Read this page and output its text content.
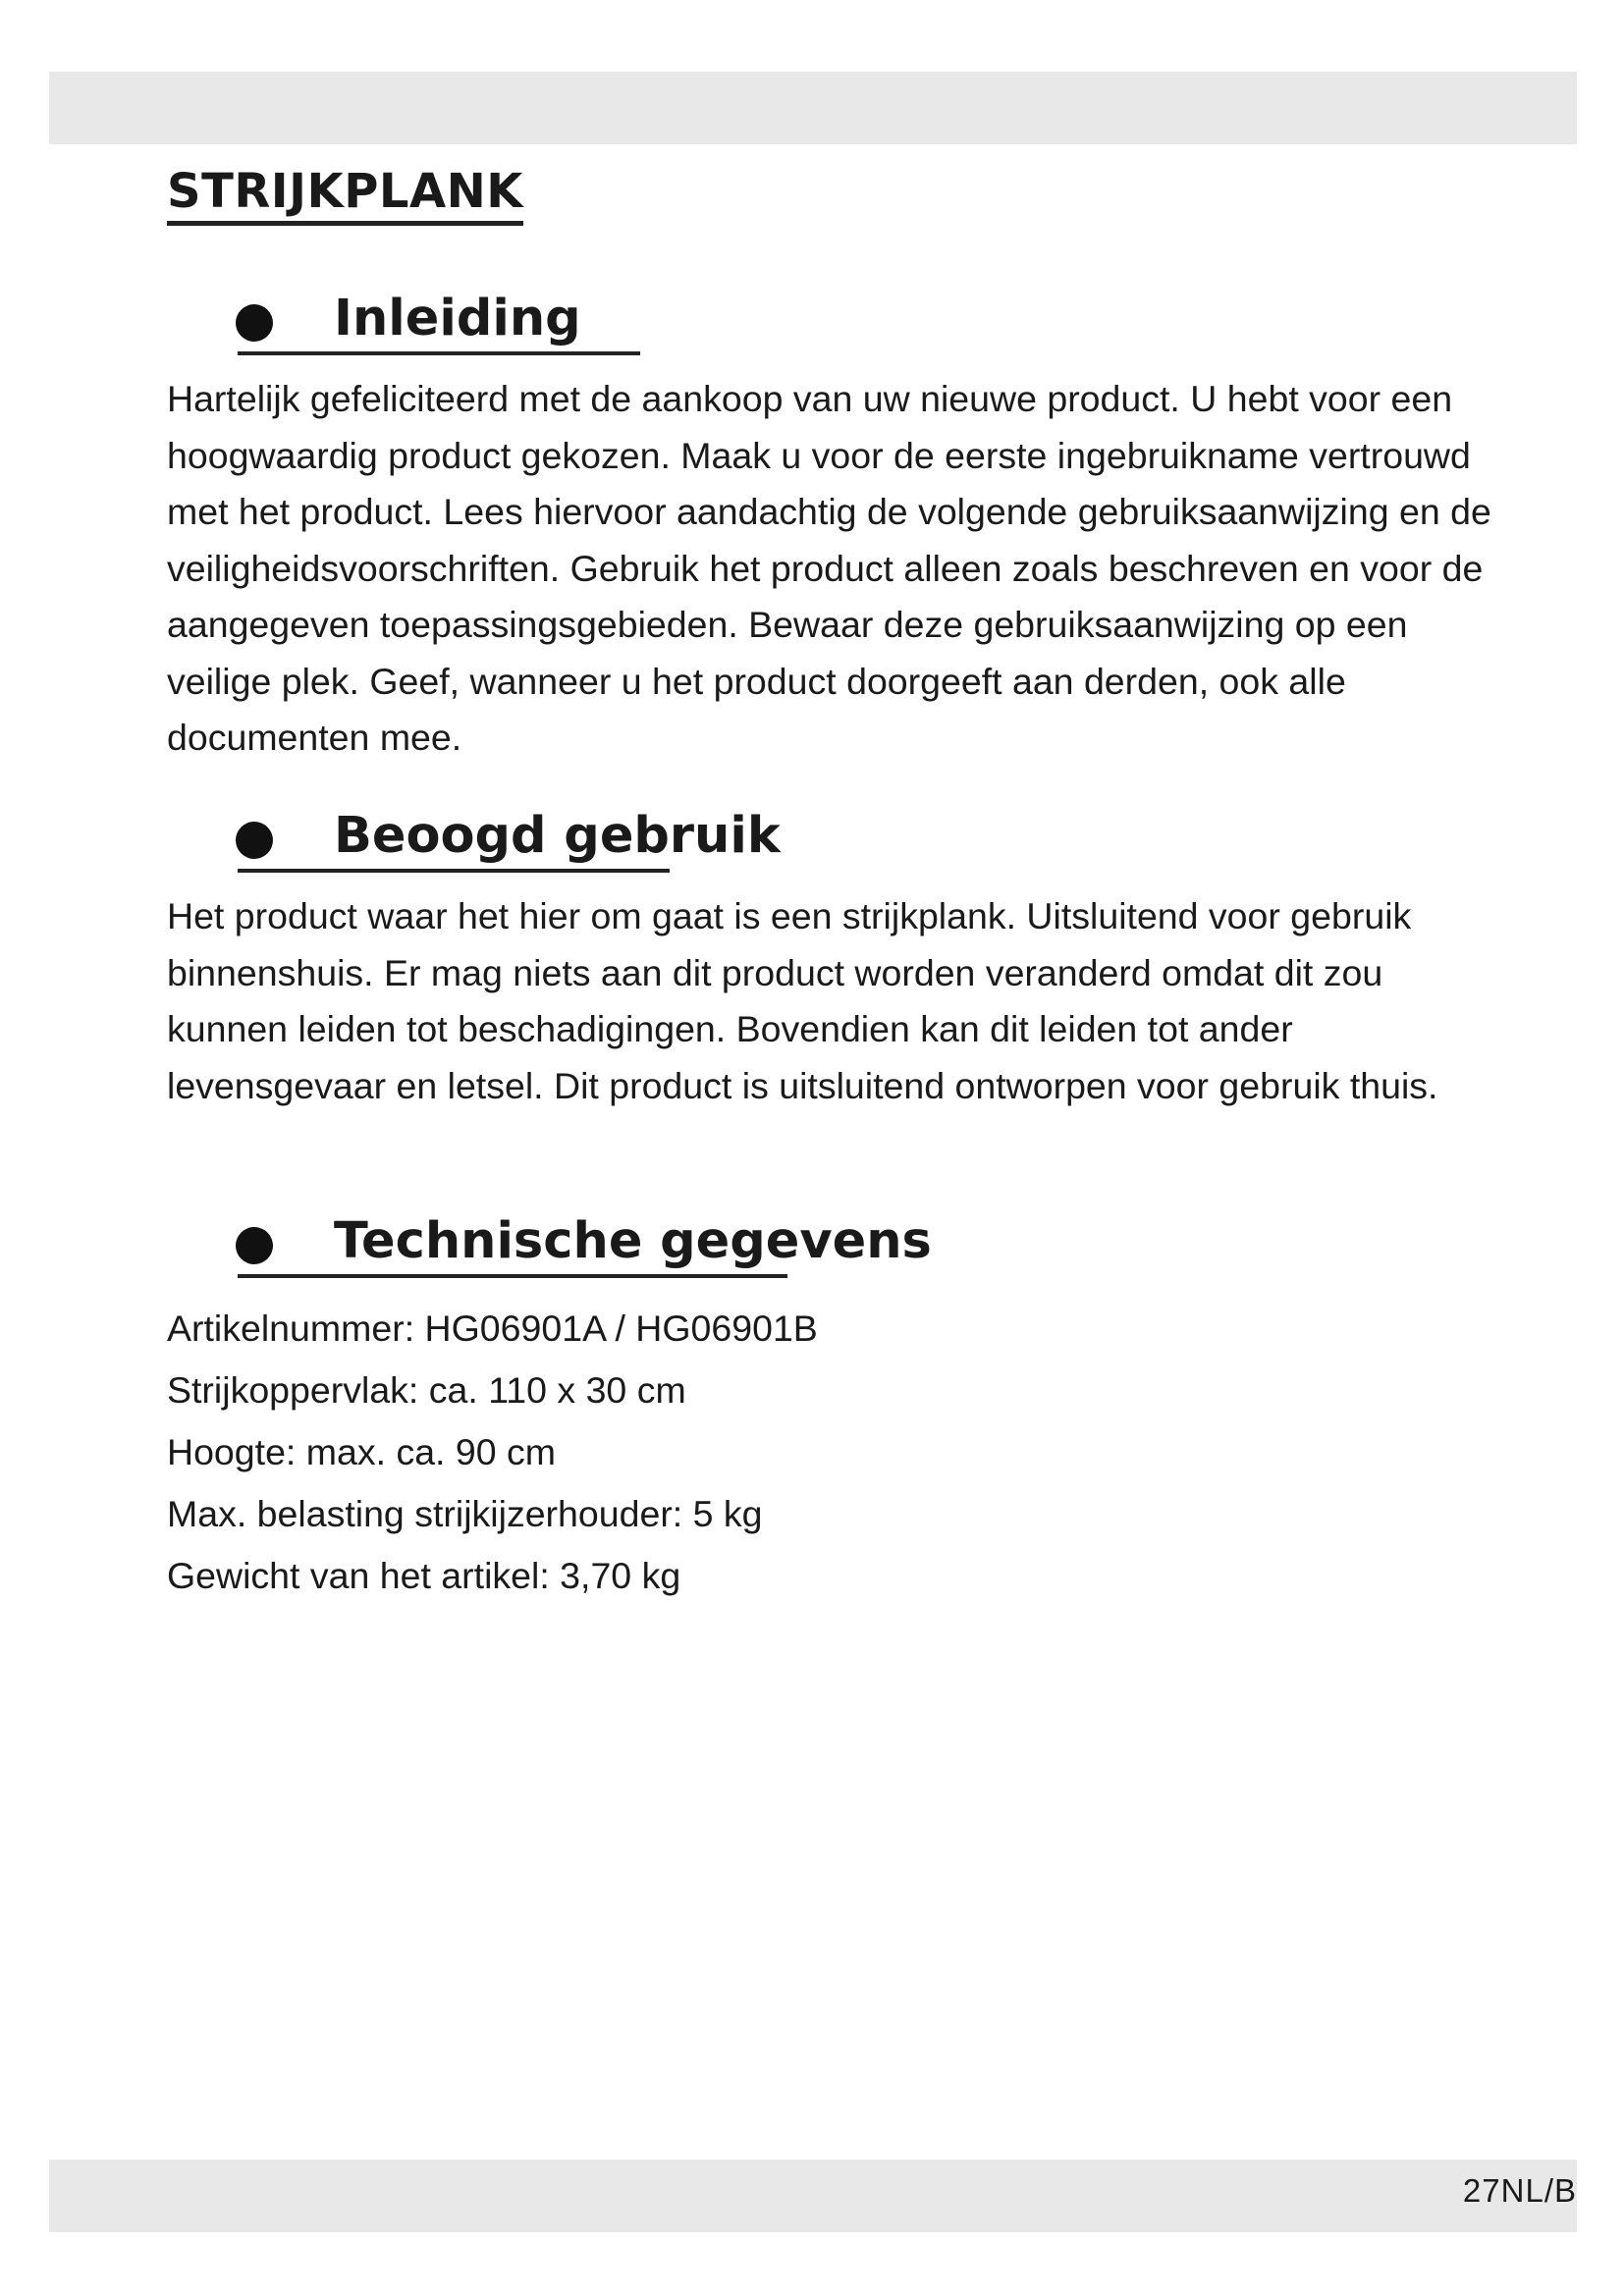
STRIJKPLANK
Inleiding

Hartelijk gefeliciteerd met de aankoop van uw nieuwe product. U hebt voor een hoogwaardig product gekozen. Maak u voor de eerste ingebruikname vertrouwd met het product. Lees hiervoor aandachtig de volgende gebruiksaanwijzing en de veiligheidsvoorschriften. Gebruik het product alleen zoals beschreven en voor de aangegeven toepassingsgebieden. Bewaar deze gebruiksaanwijzing op een veilige plek. Geef, wanneer u het product doorgeeft aan derden, ook alle documenten mee.

Beoogd gebruik

Het product waar het hier om gaat is een strijkplank. Uitsluitend voor gebruik binnenshuis. Er mag niets aan dit product worden veranderd omdat dit zou kunnen leiden tot beschadigingen. Bovendien kan dit leiden tot ander levensgevaar en letsel. Dit product is uitsluitend ontworpen voor gebruik thuis.

Technische gegevens
Artikelnummer: HG06901A / HG06901B
Strijkoppervlak: ca. 110 x 30 cm
Hoogte: max. ca. 90 cm
Max. belasting strijkijzerhouder: 5 kg
Gewicht van het artikel: 3,70 kg
27NL/B
